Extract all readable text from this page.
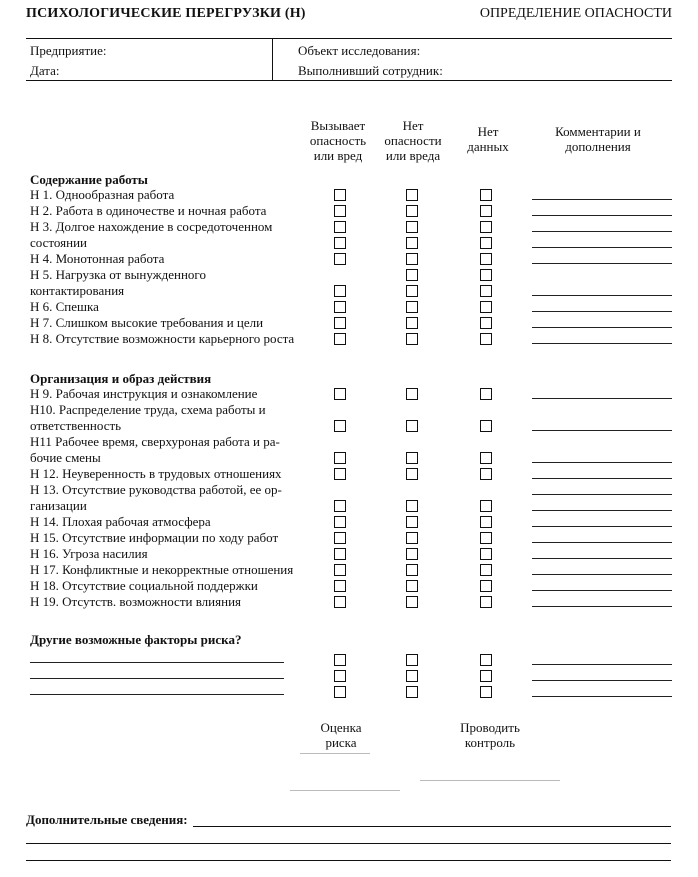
ПСИХОЛОГИЧЕСКИЕ ПЕРЕГРУЗКИ (Н)	ОПРЕДЕЛЕНИЕ ОПАСНОСТИ
Предприятие:
Дата:
Объект исследования:
Выполнивший сотрудник:
Вызывает опасность или вред
Нет опасности или вреда
Нет данных
Комментарии и дополнения
Содержание работы
Н 1. Однообразная работа
Н 2. Работа в одиночестве и ночная работа
Н 3. Долгое нахождение в сосредоточенном
состоянии
Н 4. Монотонная работа
Н 5. Нагрузка от вынужденного
контактирования
Н 6. Спешка
Н 7. Слишком высокие требования и цели
Н 8. Отсутствие возможности карьерного роста
Организация и образ действия
Н 9. Рабочая инструкция и ознакомление
Н10. Распределение труда, схема работы и
ответственность
Н11 Рабочее время, сверхуроная работа и ра-
бочие смены
Н 12. Неуверенность в трудовых отношениях
Н 13. Отсутствие руководства работой, ее ор-
ганизации
Н 14. Плохая рабочая атмосфера
Н 15. Отсутствие информации по ходу работ
Н 16. Угроза насилия
Н 17. Конфликтные и некорректные отношения
Н 18. Отсутствие социальной поддержки
Н 19. Отсутств. возможности влияния
Другие возможные факторы риска?
Оценка риска
Проводить контроль
Дополнительные сведения:
